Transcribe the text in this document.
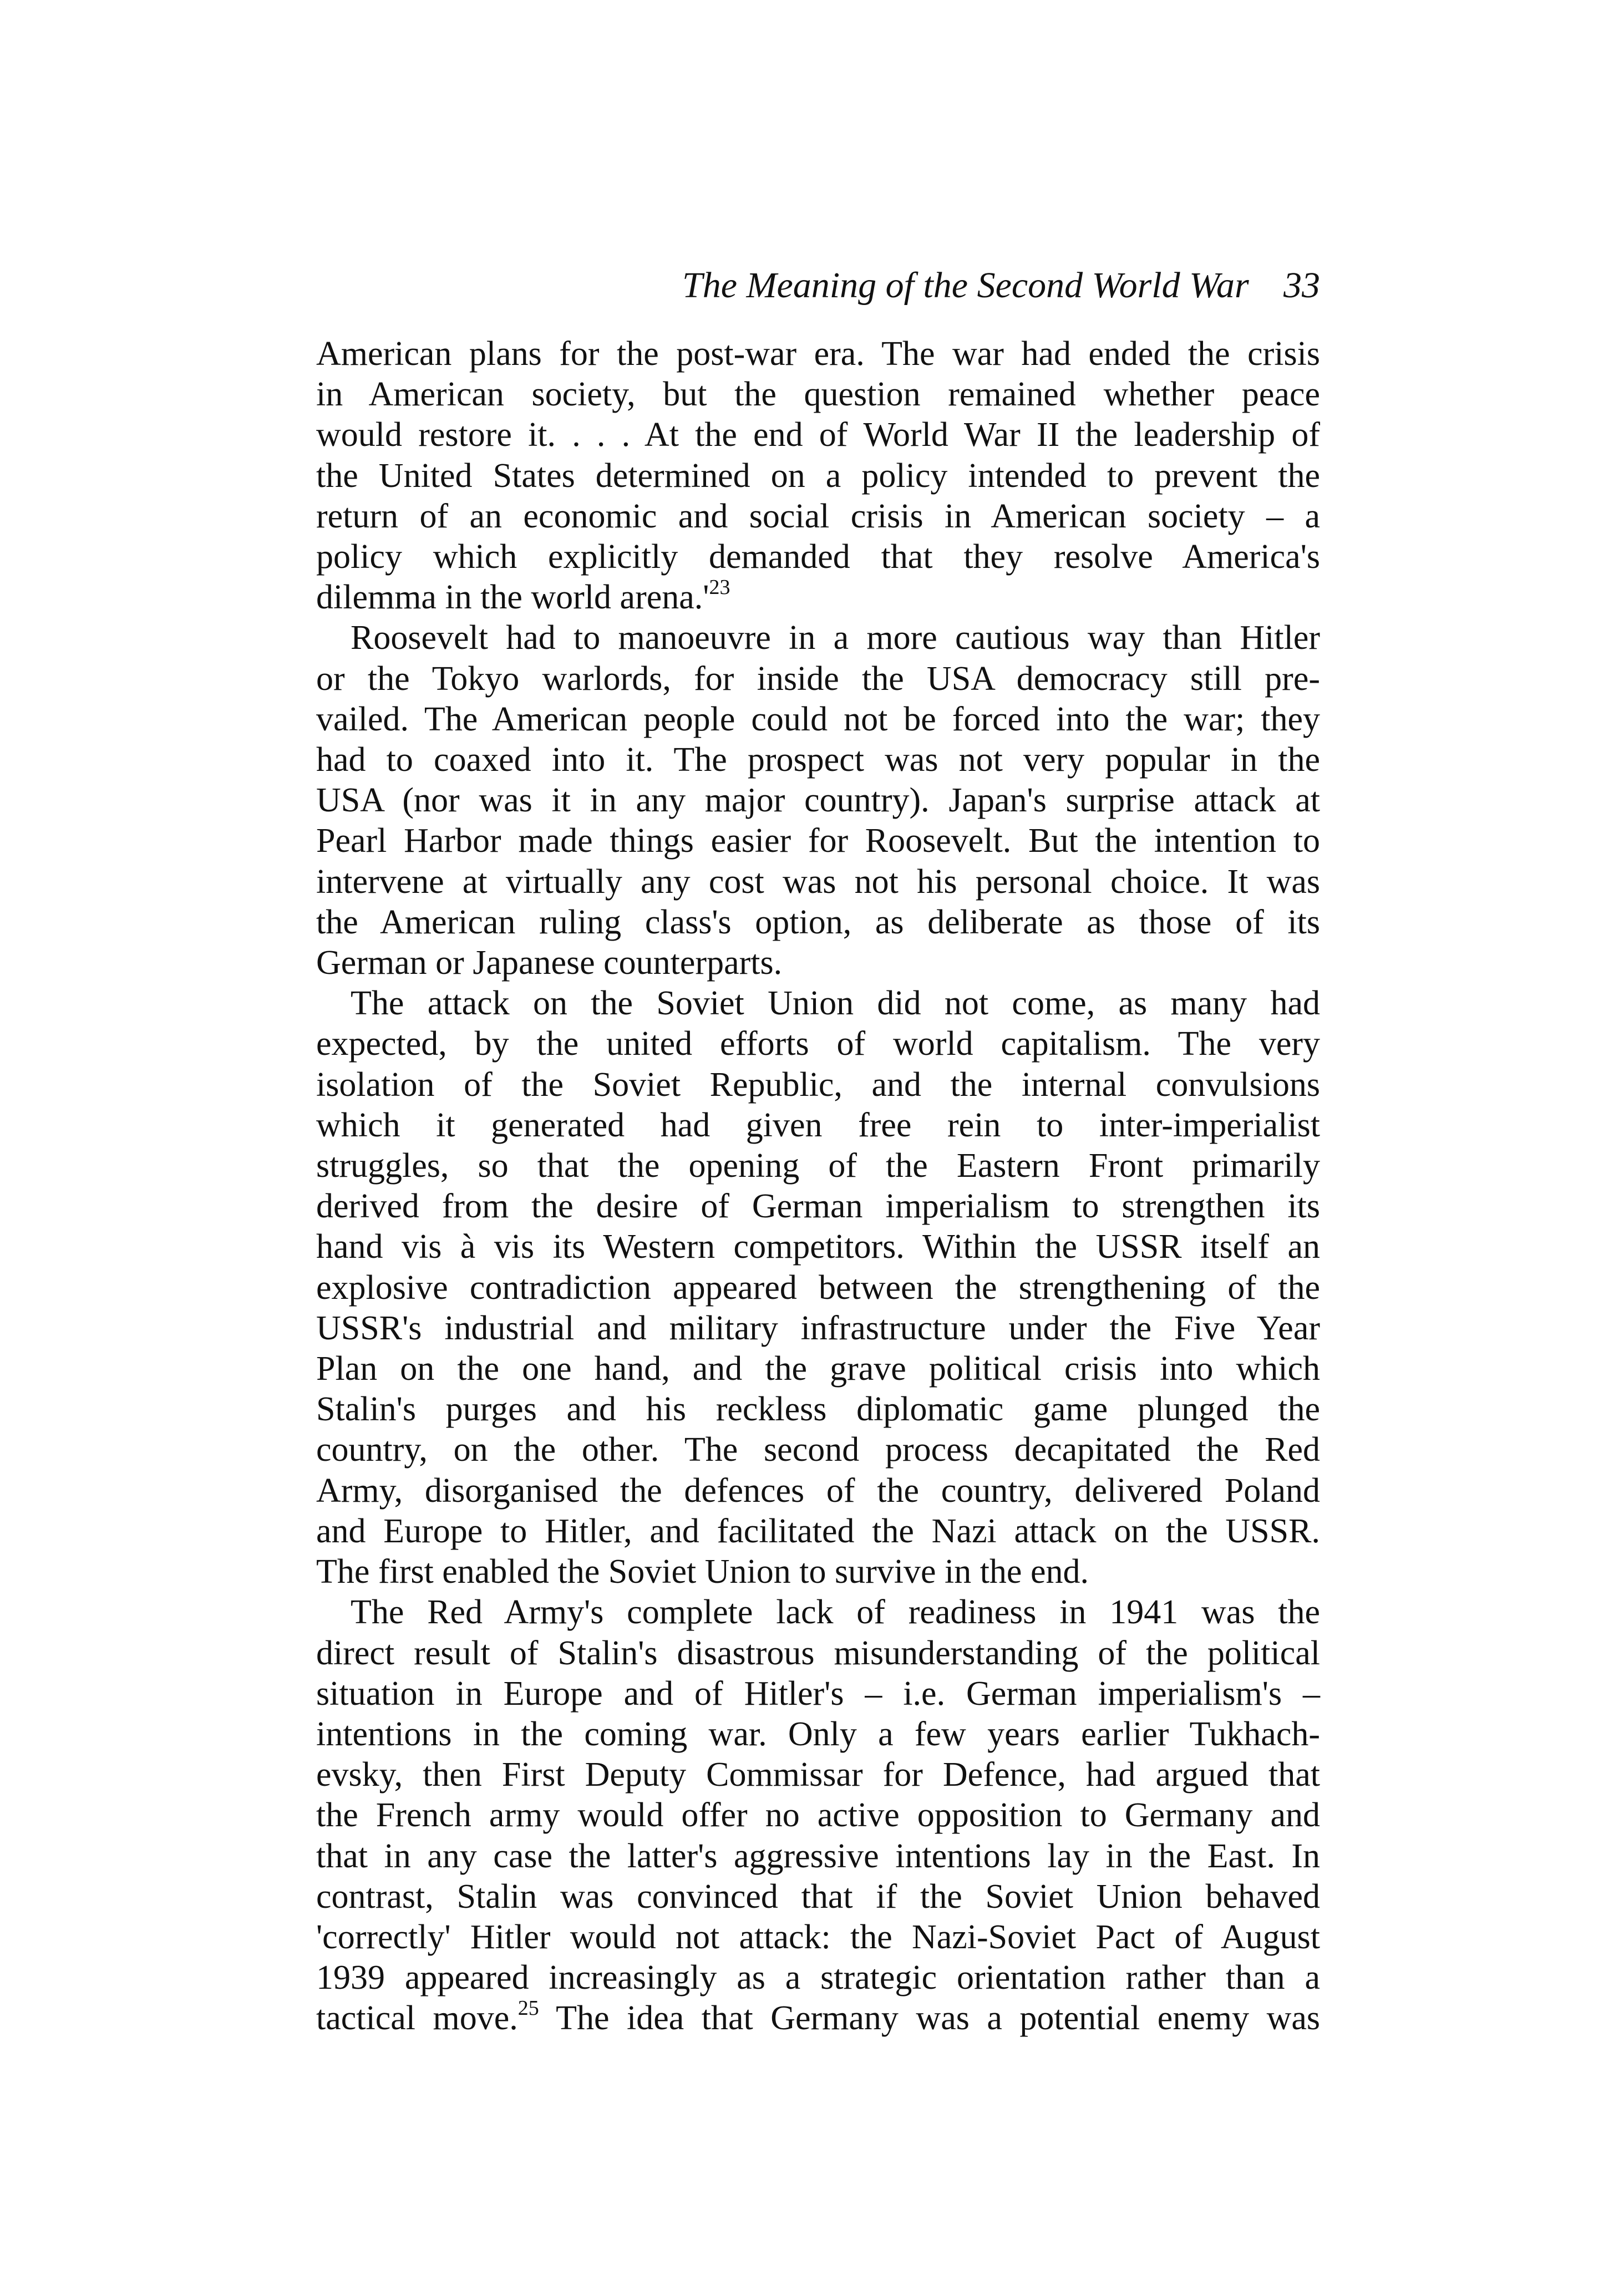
The Meaning of the Second World War 33

American plans for the post-war era. The war had ended the crisis
in American society, but the question remained whether peace
would restore it. . . . At the end of World War II the leadership of
the United States determined on a policy intended to prevent the
return of an economic and social crisis in American society – a
policy which explicitly demanded that they resolve America's
dilemma in the world $arena.'^{23}$

Roosevelt had to manoeuvre in a more cautious way than Hitler
or the Tokyo warlords, for inside the USA democracy still pre-
vailed. The American people could not be forced into the war; they
had to coaxed into it. The prospect was not very popular in the
USA (nor was it in any major country). Japan's surprise attack at
Pearl Harbor made things easier for Roosevelt. But the intention to
intervene at virtually any cost was not his personal choice. It was
the American ruling class's option, as deliberate as those of its
German or Japanese counterparts.

The attack on the Soviet Union did not come, as many had
expected, by the united efforts of world capitalism. The very
isolation of the Soviet Republic, and the internal convulsions
which it generated had given free rein to inter-imperialist
struggles, so that the opening of the Eastern Front primarily
derived from the desire of German imperialism to strengthen its
hand vis à vis its Western competitors. Within the USSR itself an
explosive contradiction appeared between the strengthening of the
USSR's industrial and military infrastructure under the Five Year
Plan on the one hand, and the grave political crisis into which
Stalin's purges and his reckless diplomatic game plunged the
country, on the other. The second process decapitated the Red
Army, disorganised the defences of the country, delivered Poland
and Europe to Hitler, and facilitated the Nazi attack on the USSR.
The first enabled the Soviet Union to survive in the end.

The Red Army's complete lack of readiness in 1941 was the
direct result of Stalin's disastrous misunderstanding of the political
situation in Europe and of Hitler's – i.e. German imperialism's –
intentions in the coming war. Only a few years earlier Tukhach-
evsky, then First Deputy Commissar for Defence, had argued that
the French army would offer no active opposition to Germany and
that in any case the latter's aggressive intentions lay in the East. In
contrast, Stalin was convinced that if the Soviet Union behaved
'correctly' Hitler would not attack: the Nazi-Soviet Pact of August
1939 appeared increasingly as a strategic orientation rather than a
tactical move.$^{25}$ The idea that Germany was a potential enemy was
